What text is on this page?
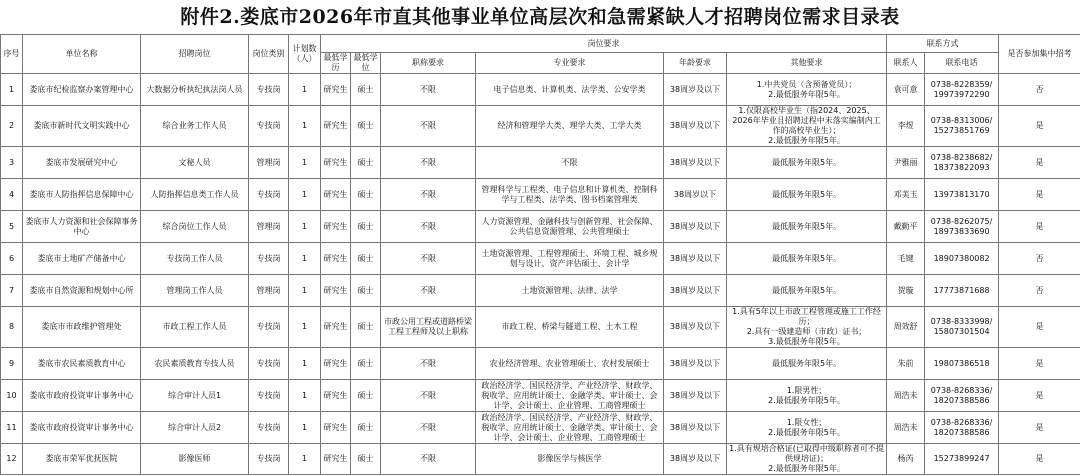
附件2.娄底市2026年市直其他事业单位高层次和急需紧缺人才招聘岗位需求目录表
序号	单位名称	招聘岗位	岗位类别	计划数（人）	岗位要求						联系方式		是否参加集中招考
					最低学历	最低学位	职称要求	专业要求	年龄要求	其他要求	联系人	联系电话	
1	娄底市纪检监察办案管理中心	大数据分析执纪执法岗人员	专技岗	1	研究生	硕士	不限	电子信息类、计算机类、法学类、公安学类	38周岁及以下	1.中共党员（含预备党员）；
2.最低服务年限5年。	袁可意	0738-8228359/
19973972290	否
2	娄底市新时代文明实践中心	综合业务工作人员	专技岗	1	研究生	硕士	不限	经济和管理学大类、理学大类、工学大类	38周岁及以下	1.仅限高校毕业生（指2024、2025、2026年毕业且招聘过程中未落实编制内工作的高校毕业生）；
2.最低服务年限5年。	李煜	0738-8313006/
15273851769	是
3	娄底市发展研究中心	文秘人员	管理岗	1	研究生	硕士	不限	不限	38周岁及以下	最低服务年限5年。	尹雅丽	0738-8238682/
18373822093	是
4	娄底市人防指挥信息保障中心	人防指挥信息类工作人员	专技岗	1	研究生	硕士	不限	管理科学与工程类、电子信息和计算机类、控制科学与工程类、法学类、图书档案管理类	38周岁以下	最低服务年限5年。	邓美玉	13973813170	是
5	娄底市人力资源和社会保障事务中心	综合岗位工作人员	管理岗	1	研究生	硕士	不限	人力资源管理、金融科技与创新管理、社会保障、公共信息资源管理、公共管理硕士	38周岁及以下	最低服务年限5年。	戴勤平	0738-8262075/
18973833690	是
6	娄底市土地矿产储备中心	专技岗工作人员	专技岗	1	研究生	硕士	不限	土地资源管理、工程管理硕士、环境工程、城乡规划与设计、资产评估硕士、会计学	38周岁及以下	最低服务年限5年。	毛键	18907380082	否
7	娄底市自然资源和规划中心所	管理岗工作人员	管理岗	1	研究生	硕士	不限	土地资源管理、法律、法学	38周岁及以下	最低服务年限5年。	贺璇	17773871688	否
8	娄底市市政维护管理处	市政工程工作人员	专技岗	1	研究生	硕士	市政公用工程或道路桥梁工程工程师及以上职称	市政工程、桥梁与隧道工程、土木工程	38周岁及以下	1.具有5年以上市政工程管理或施工工作经历；
2.具有一级建造师（市政）证书；
3.最低服务年限5年。	周效舒	0738-8333998/
15807301504	是
9	娄底市农民素质教育中心	农民素质教育专技人员	专技岗	1	研究生	硕士	不限	农业经济管理、农业管理硕士、农村发展硕士	38周岁及以下	最低服务年限5年。	朱前	19807386518	是
10	娄底市政府投资审计事务中心	综合审计人员1	专技岗	1	研究生	硕士	不限	政治经济学、国民经济学、产业经济学、财政学、税收学、应用统计硕士、金融学类、审计硕士、会计学、会计硕士、企业管理、工商管理硕士	38周岁及以下	1.限男性；
2.最低服务年限5年。	周浩未	0738-8268336/
18207388586	是
11	娄底市政府投资审计事务中心	综合审计人员2	专技岗	1	研究生	硕士	不限	政治经济学、国民经济学、产业经济学、财政学、税收学、应用统计硕士、金融学类、审计硕士、会计学、会计硕士、企业管理、工商管理硕士	38周岁及以下	1.限女性；
2.最低服务年限5年。	周浩未	0738-8268336/
18207388586	是
12	娄底市荣军优抚医院	影像医师	专技岗	1	研究生	硕士	不限	影像医学与核医学	38周岁及以下	1.具有规培合格证(已取得中级职称者可不提供规培证)；
2.最低服务年限5年。	杨芮	15273899247	是
